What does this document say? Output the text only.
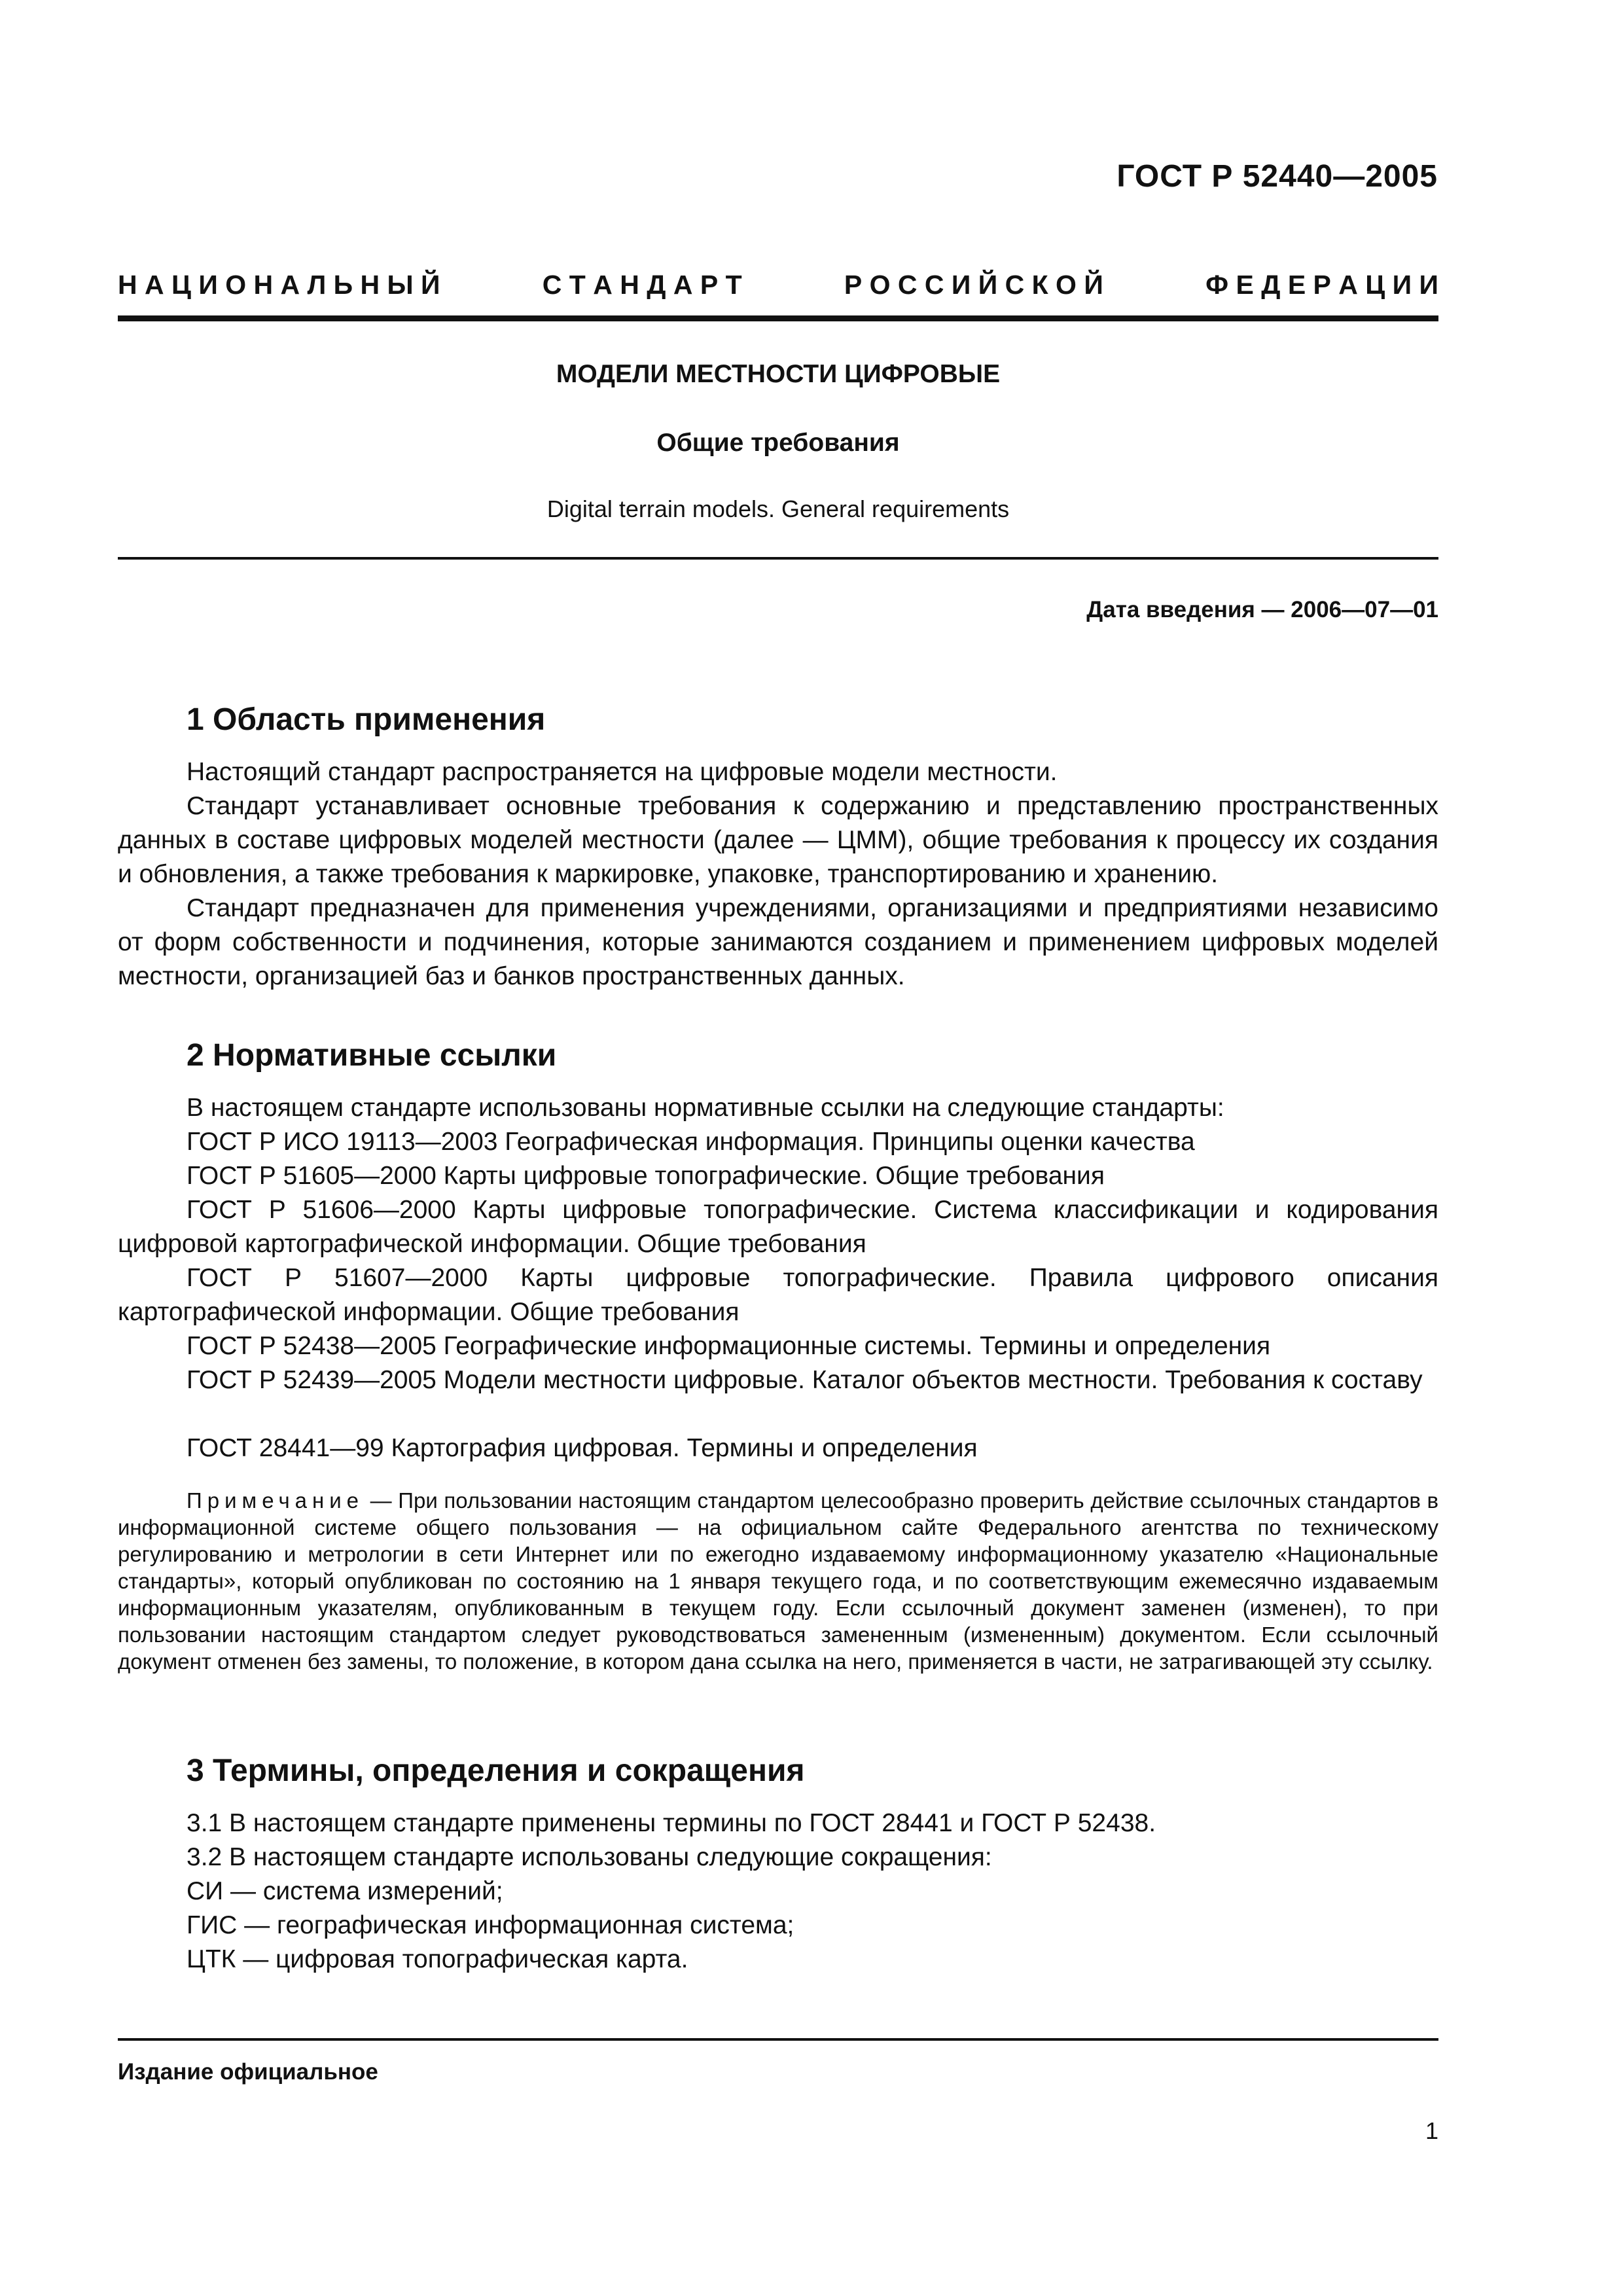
ГОСТ Р 52440—2005
Н А Ц И О Н А Л Ь Н Ы Й	С Т А Н Д А Р Т	Р О С С И Й С К О Й	Ф Е Д Е Р А Ц И И
МОДЕЛИ МЕСТНОСТИ ЦИФРОВЫЕ
Общие требования
Digital terrain models. General requirements
Дата введения — 2006—07—01
1 Область применения
Настоящий стандарт распространяется на цифровые модели местности.

Стандарт устанавливает основные требования к содержанию и представлению пространственных данных в составе цифровых моделей местности (далее — ЦММ), общие требования к процессу их создания и обновления, а также требования к маркировке, упаковке, транспортированию и хранению.

Стандарт предназначен для применения учреждениями, организациями и предприятиями независимо от форм собственности и подчинения, которые занимаются созданием и применением цифровых моделей местности, организацией баз и банков пространственных данных.

2 Нормативные ссылки
В настоящем стандарте использованы нормативные ссылки на следующие стандарты:
ГОСТ Р ИСО 19113—2003 Географическая информация. Принципы оценки качества
ГОСТ Р 51605—2000 Карты цифровые топографические. Общие требования

ГОСТ Р 51606—2000 Карты цифровые топографические. Система классификации и кодирования цифровой картографической информации. Общие требования

ГОСТ Р 51607—2000 Карты цифровые топографические. Правила цифрового описания картографической информации. Общие требования

ГОСТ Р 52438—2005 Географические информационные системы. Термины и определения

ГОСТ Р 52439—2005 Модели местности цифровые. Каталог объектов местности. Требования к составу

ГОСТ 28441—99 Картография цифровая. Термины и определения

Примечание — При пользовании настоящим стандартом целесообразно проверить действие ссылочных стандартов в информационной системе общего пользования — на официальном сайте Федерального агентства по техническому регулированию и метрологии в сети Интернет или по ежегодно издаваемому информационному указателю «Национальные стандарты», который опубликован по состоянию на 1 января текущего года, и по соответствующим ежемесячно издаваемым информационным указателям, опубликованным в текущем году. Если ссылочный документ заменен (изменен), то при пользовании настоящим стандартом следует руководствоваться замененным (измененным) документом. Если ссылочный документ отменен без замены, то положение, в котором дана ссылка на него, применяется в части, не затрагивающей эту ссылку.

3 Термины, определения и сокращения
3.1 В настоящем стандарте применены термины по ГОСТ 28441 и ГОСТ Р 52438.
3.2 В настоящем стандарте использованы следующие сокращения:
СИ — система измерений;
ГИС — географическая информационная система;
ЦТК — цифровая топографическая карта.
Издание официальное
1
